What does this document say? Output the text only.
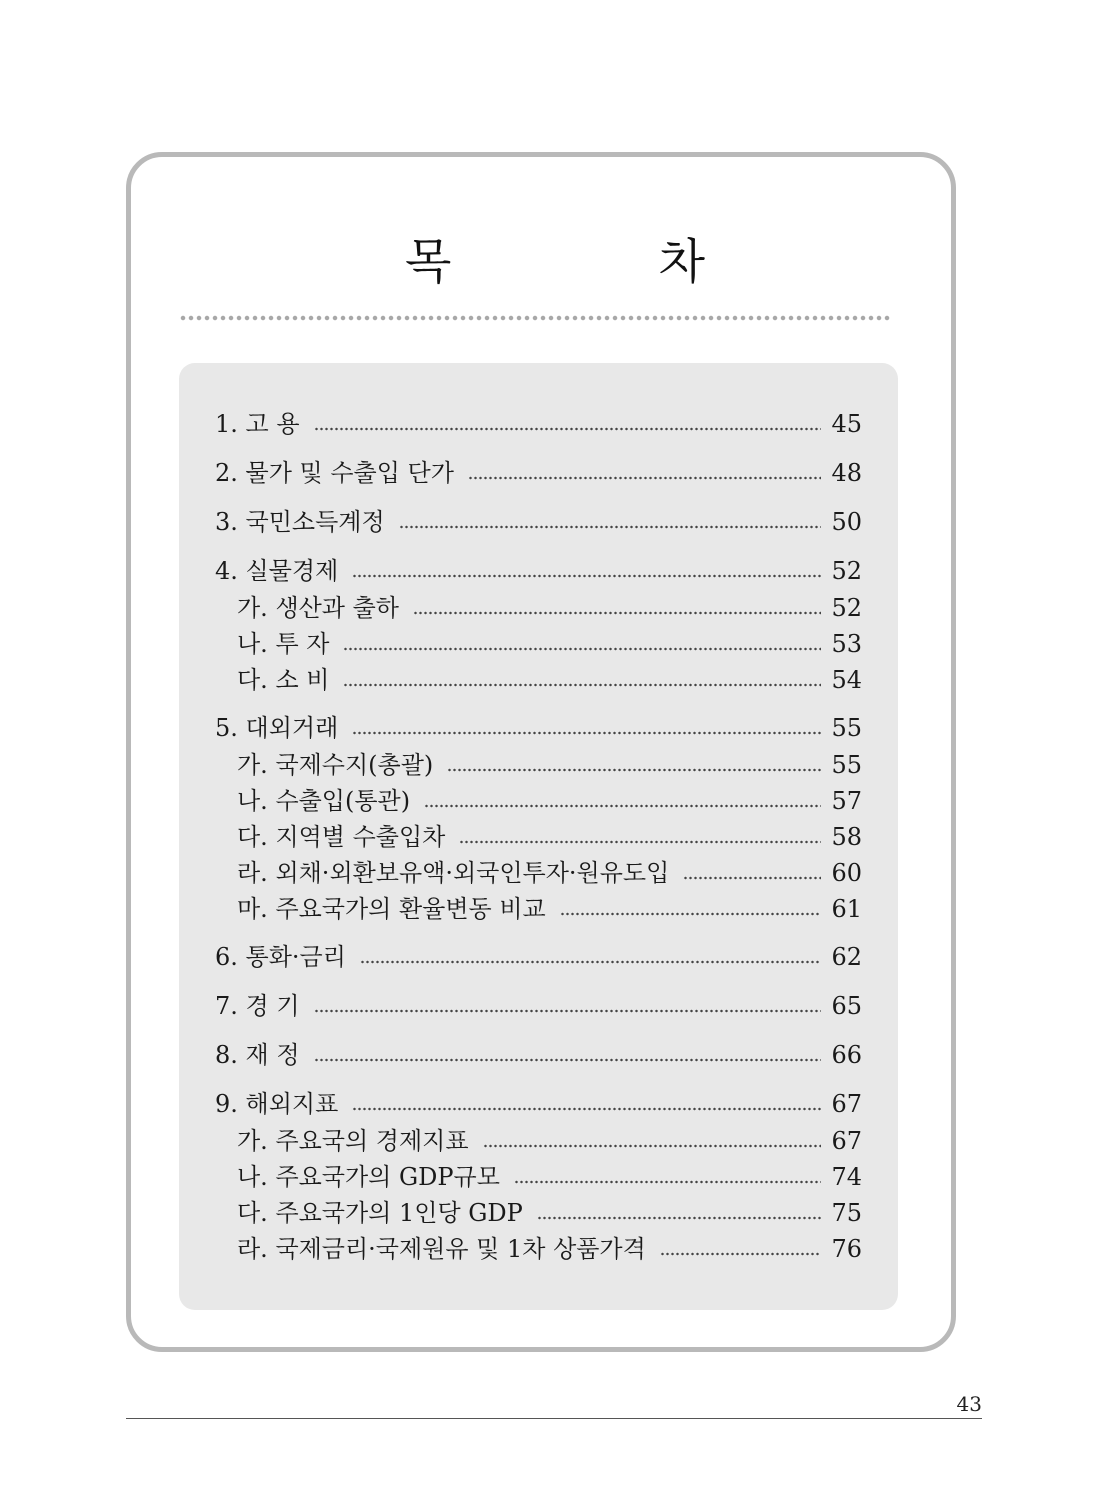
목 차
1. 고 용	45
2. 물가 및 수출입 단가	48
3. 국민소득계정	50
4. 실물경제	52
가. 생산과 출하	52
나. 투 자	53
다. 소 비	54
5. 대외거래	55
가. 국제수지(총괄)	55
나. 수출입(통관)	57
다. 지역별 수출입차	58
라. 외채·외환보유액·외국인투자·원유도입	60
마. 주요국가의 환율변동 비교	61
6. 통화·금리	62
7. 경 기	65
8. 재 정	66
9. 해외지표	67
가. 주요국의 경제지표	67
나. 주요국가의 GDP규모	74
다. 주요국가의 1인당 GDP	75
라. 국제금리·국제원유 및 1차 상품가격	76
43
